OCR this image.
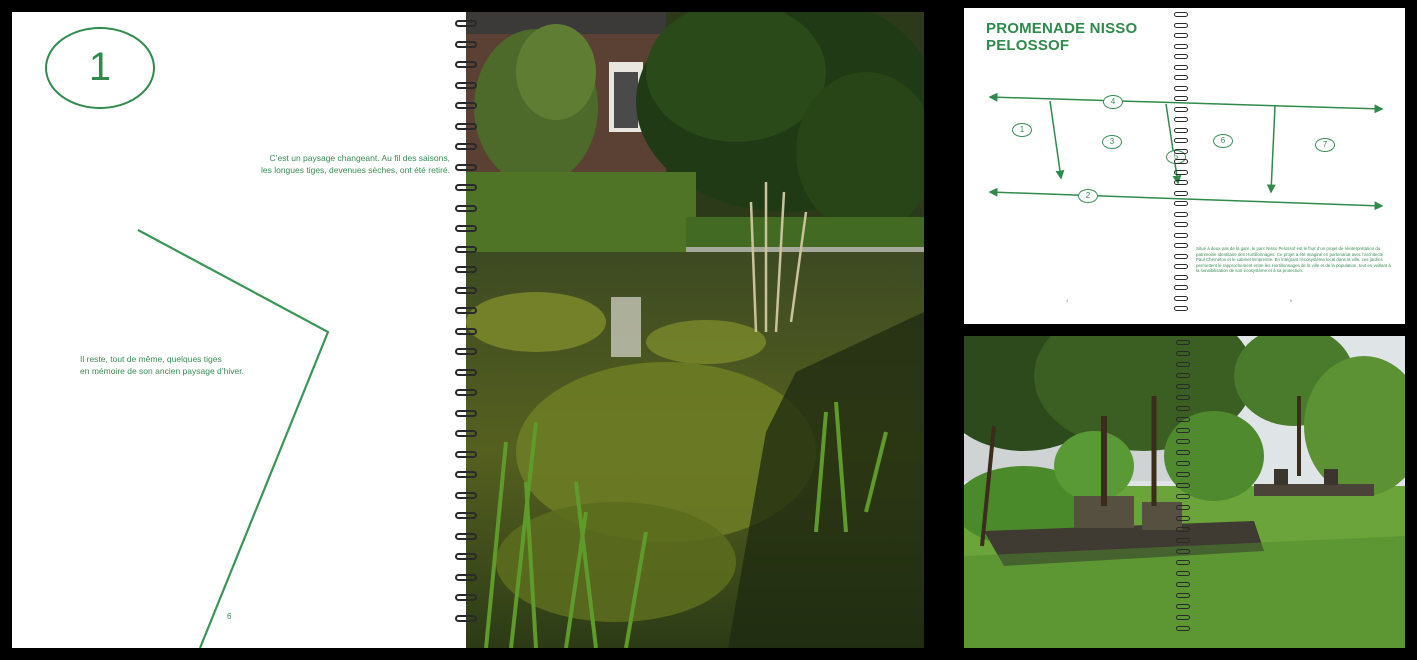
1
C’est un paysage changeant. Au fil des saisons,
les longues tiges, devenues sèches, ont été retiré.
Il reste, tout de même, quelques tiges
en mémoire de son ancien paysage d’hiver.
6
PROMENADE NISSO
PELOSSOF
1
2
3
4
5
6	7
Situé à deux pas de la gare, le parc Nisso Pelossof est le fruit d’un projet de réinterprétation du patrimoine identitaire des Hortillonnages. Ce projet a été imaginé en partenariat avec l’architecte Paul Chemetov et le cabinet Empreinte. En intégrant l’écosystème local dans la ville, ces jardins permettent le rapprochement entre les Hortillonnages de la ville et de la population, tout en veillant à la sensibilisation de son écosystème et à sa protection.
4	5
